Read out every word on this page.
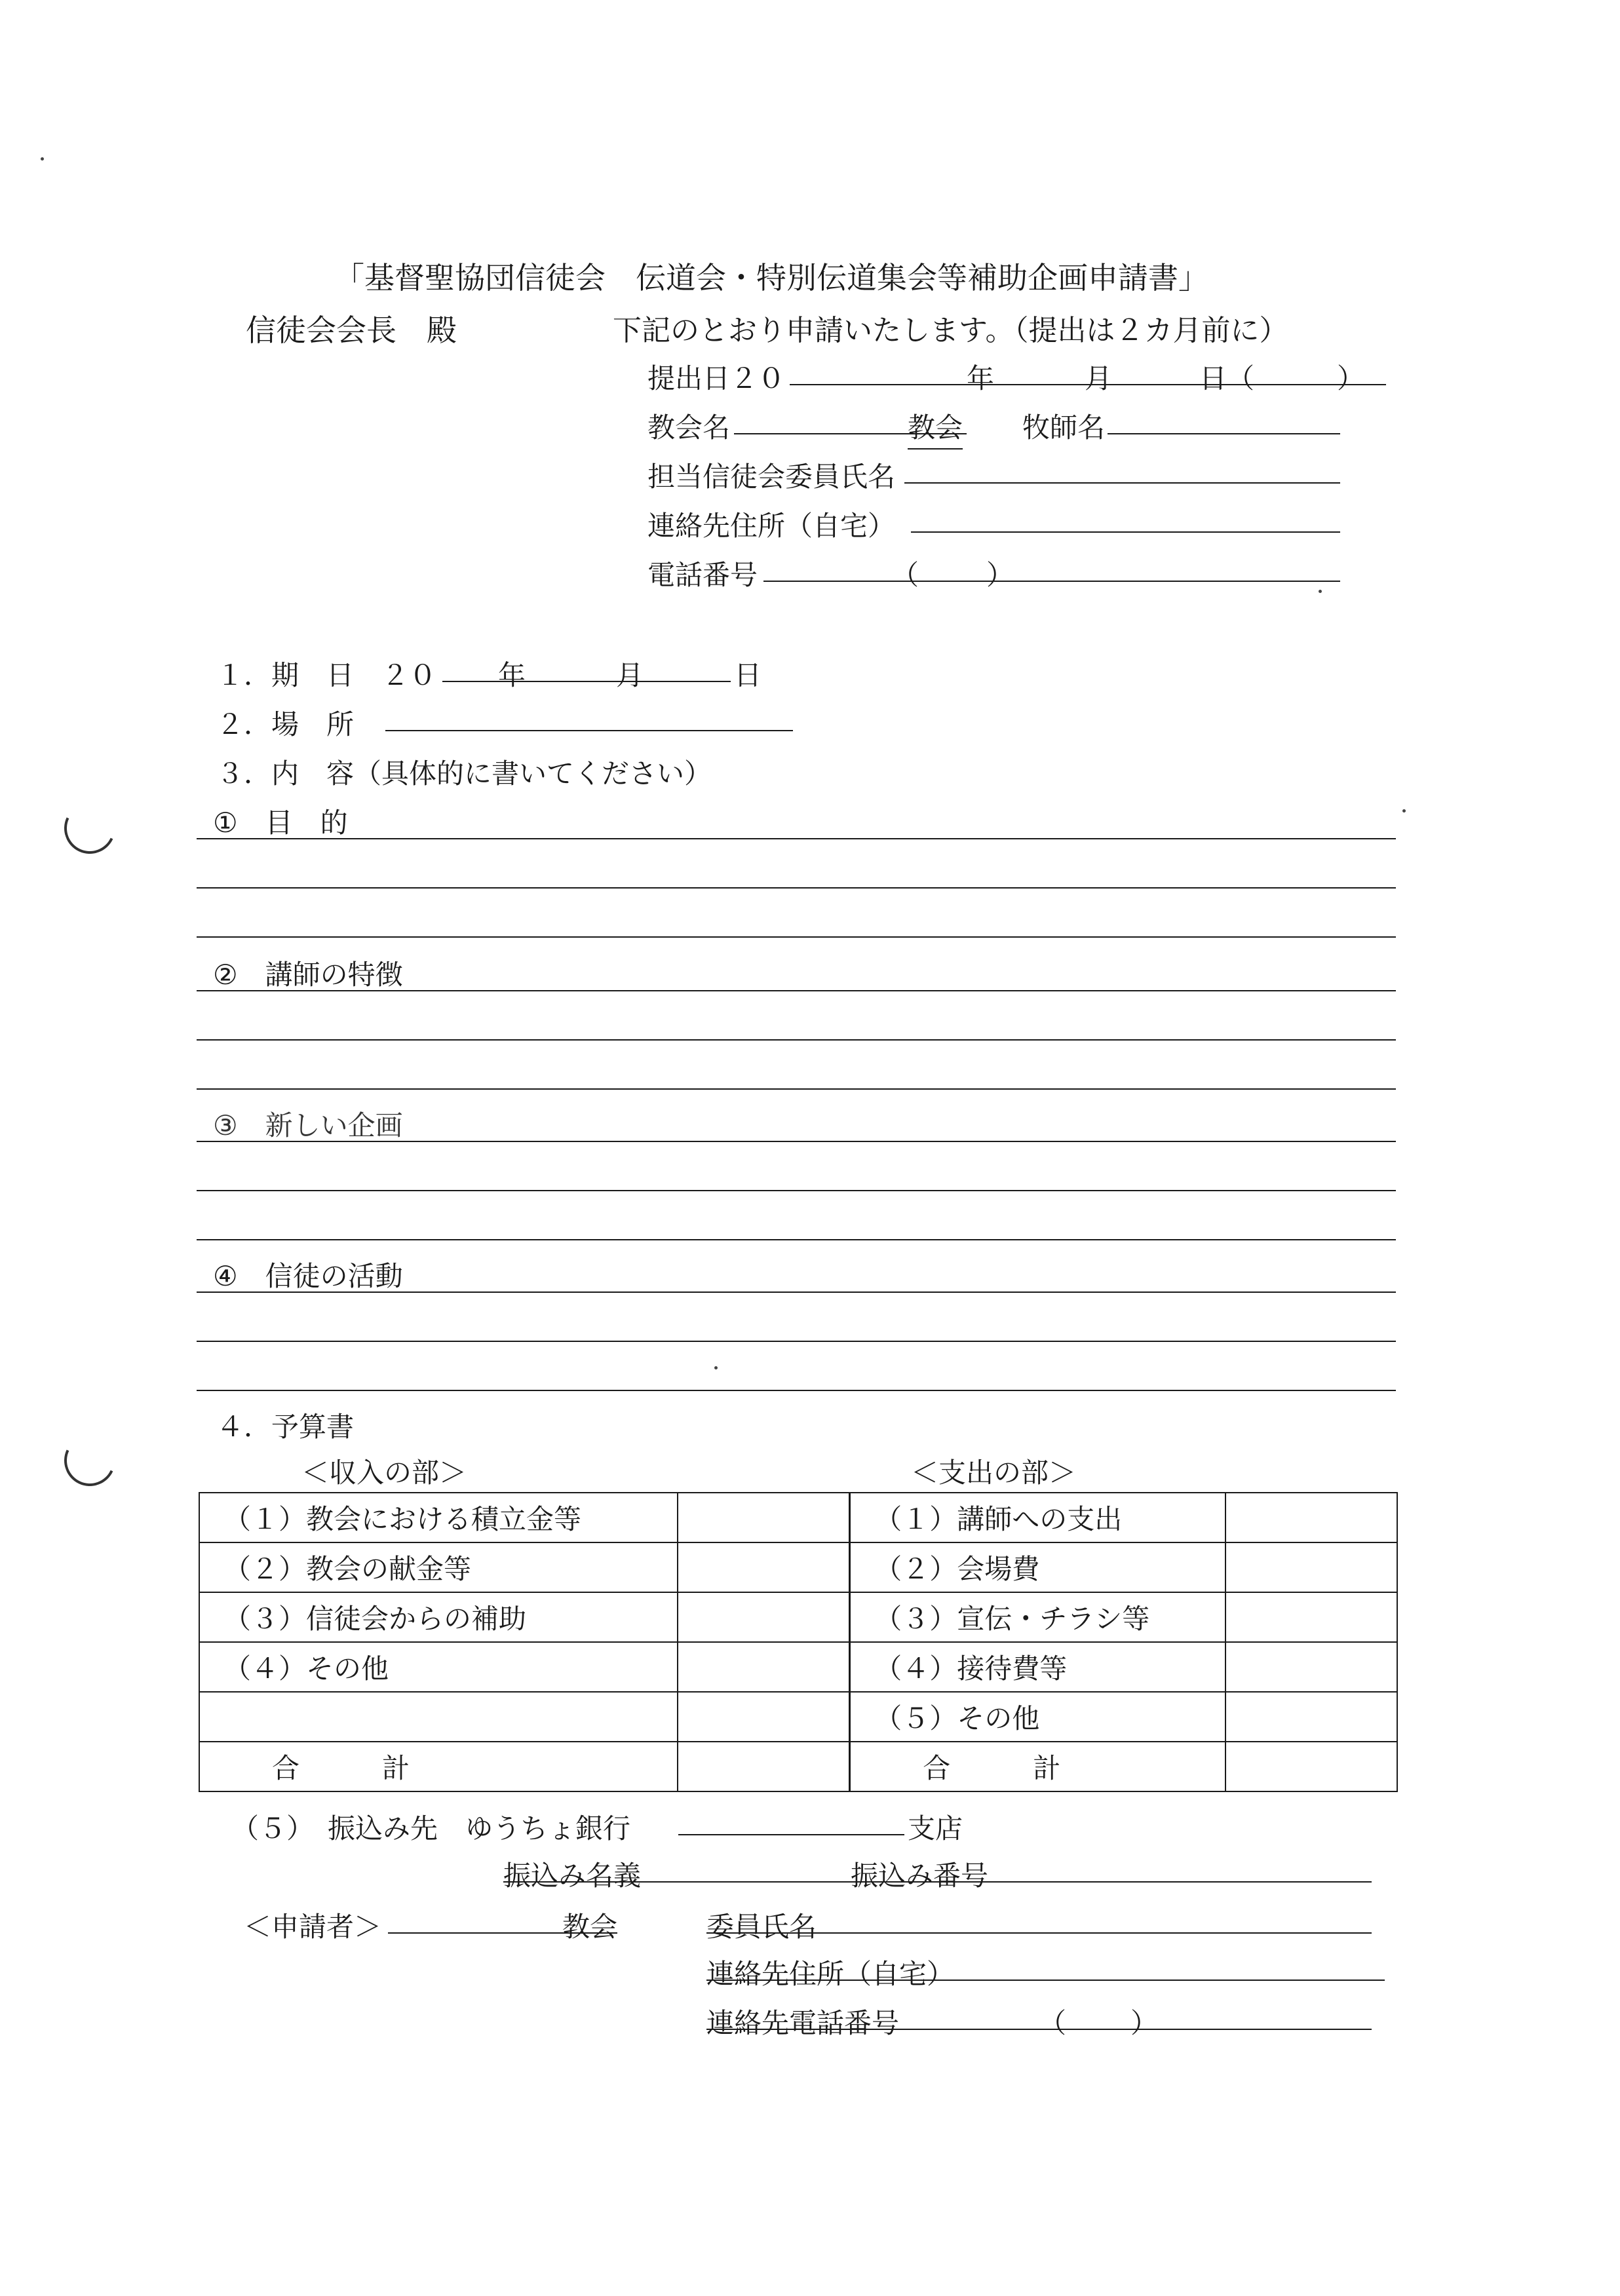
「基督聖協団信徒会　伝道会・特別伝道集会等補助企画申請書」
信徒会会長　殿	下記のとおり申請いたします。（提出は２カ月前に）
提出日２０	年	月	日（	）
教会名	教会 牧師名
担当信徒会委員氏名
連絡先住所（自宅）
電話番号	（ ）
１．期　日　２０ 年	月	日
２．場　所
３．内　容（具体的に書いてください）
①　目　的
②　講師の特徴
③　新しい企画
④　信徒の活動
４．予算書
＜収入の部＞	＜支出の部＞
（１）教会における積立金等		（１）講師への支出	
（２）教会の献金等		（２）会場費	
（３）信徒会からの補助		（３）宣伝・チラシ等	
（４）その他		（４）接待費等	
		（５）その他	
合　　　計		合　　　計	
（５）　振込み先　ゆうちょ銀行	支店
振込み名義	振込み番号
＜申請者＞	教会	委員氏名
連絡先住所（自宅）
連絡先電話番号	（ ）
